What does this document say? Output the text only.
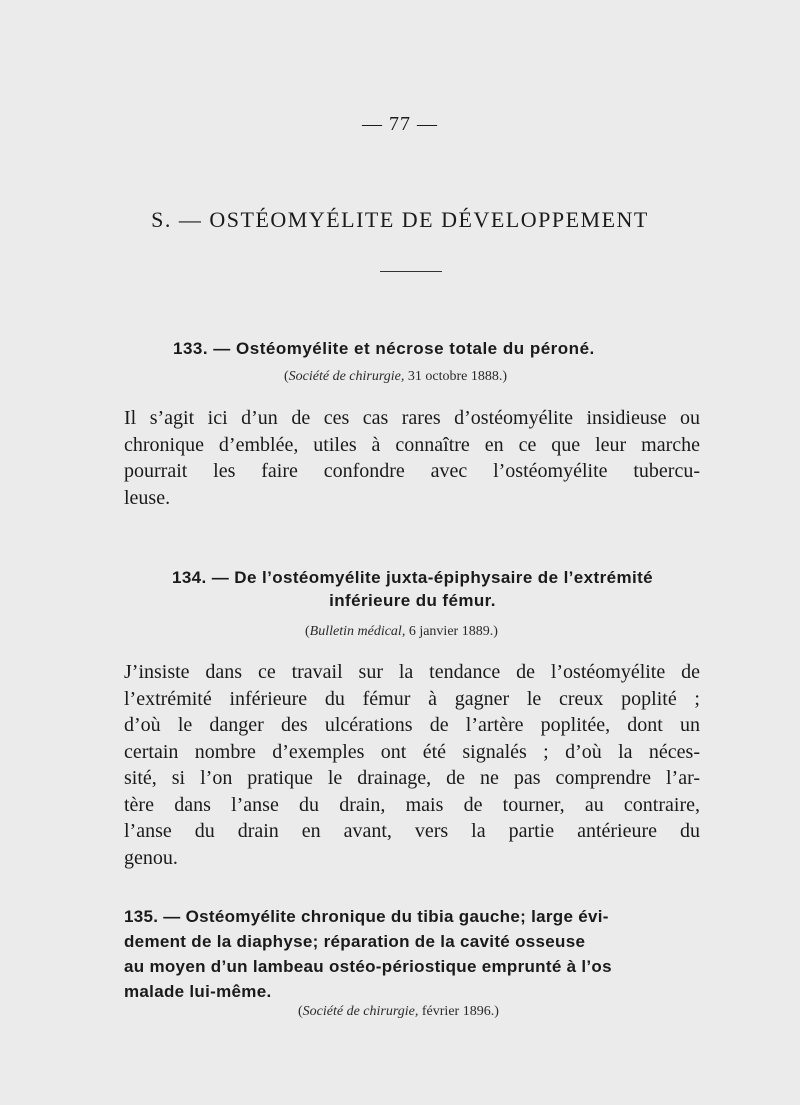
— 77 —
S. — OSTÉOMYÉLITE DE DÉVELOPPEMENT
133. — Ostéomyélite et nécrose totale du péroné.
(Société de chirurgie, 31 octobre 1888.)
Il s’agit ici d’un de ces cas rares d’ostéomyélite insidieuse ou
chronique d’emblée, utiles à connaître en ce que leur marche
pourrait les faire confondre avec l’ostéomyélite tubercu-
leuse.
134. — De l’ostéomyélite juxta-épiphysaire de l’extrémité
inférieure du fémur.
(Bulletin médical, 6 janvier 1889.)
J’insiste dans ce travail sur la tendance de l’ostéomyélite de
l’extrémité inférieure du fémur à gagner le creux poplité ;
d’où le danger des ulcérations de l’artère poplitée, dont un
certain nombre d’exemples ont été signalés ; d’où la néces-
sité, si l’on pratique le drainage, de ne pas comprendre l’ar-
tère dans l’anse du drain, mais de tourner, au contraire,
l’anse du drain en avant, vers la partie antérieure du
genou.
135. — Ostéomyélite chronique du tibia gauche; large évi-
dement de la diaphyse; réparation de la cavité osseuse
au moyen d’un lambeau ostéo-périostique emprunté à l’os
malade lui-même.
(Société de chirurgie, février 1896.)
